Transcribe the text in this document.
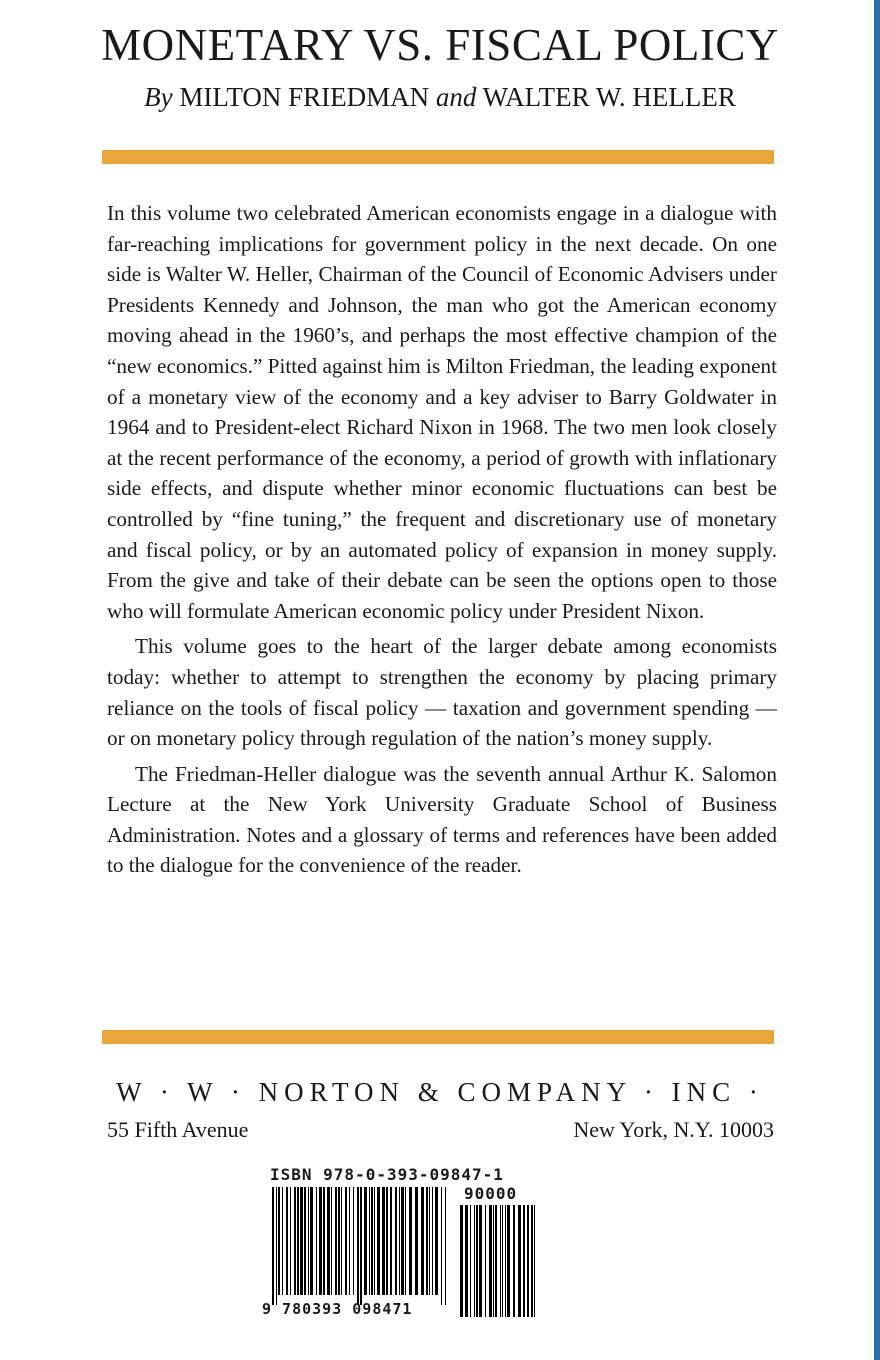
MONETARY VS. FISCAL POLICY
By MILTON FRIEDMAN and WALTER W. HELLER

In this volume two celebrated American economists engage in a dialogue with far-reaching implications for government policy in the next decade. On one side is Walter W. Heller, Chairman of the Council of Economic Advisers under Presidents Kennedy and Johnson, the man who got the American economy moving ahead in the 1960’s, and perhaps the most effective champion of the “new economics.” Pitted against him is Milton Friedman, the leading exponent of a monetary view of the economy and a key adviser to Barry Goldwater in 1964 and to President-elect Richard Nixon in 1968. The two men look closely at the recent performance of the economy, a period of growth with inflationary side effects, and dispute whether minor economic fluctuations can best be controlled by “fine tuning,” the frequent and discretionary use of monetary and fiscal policy, or by an automated policy of expansion in money supply. From the give and take of their debate can be seen the options open to those who will formulate American economic policy under President Nixon.

This volume goes to the heart of the larger debate among economists today: whether to attempt to strengthen the economy by placing primary reliance on the tools of fiscal policy — taxation and government spending — or on monetary policy through regulation of the nation’s money supply.

The Friedman-Heller dialogue was the seventh annual Arthur K. Salomon Lecture at the New York University Graduate School of Business Administration. Notes and a glossary of terms and references have been added to the dialogue for the convenience of the reader.

W · W · NORTON & COMPANY · INC ·
55 Fifth Avenue	New York, N.Y. 10003
ISBN 978-0-393-09847-1
90000
9 780393 098471
